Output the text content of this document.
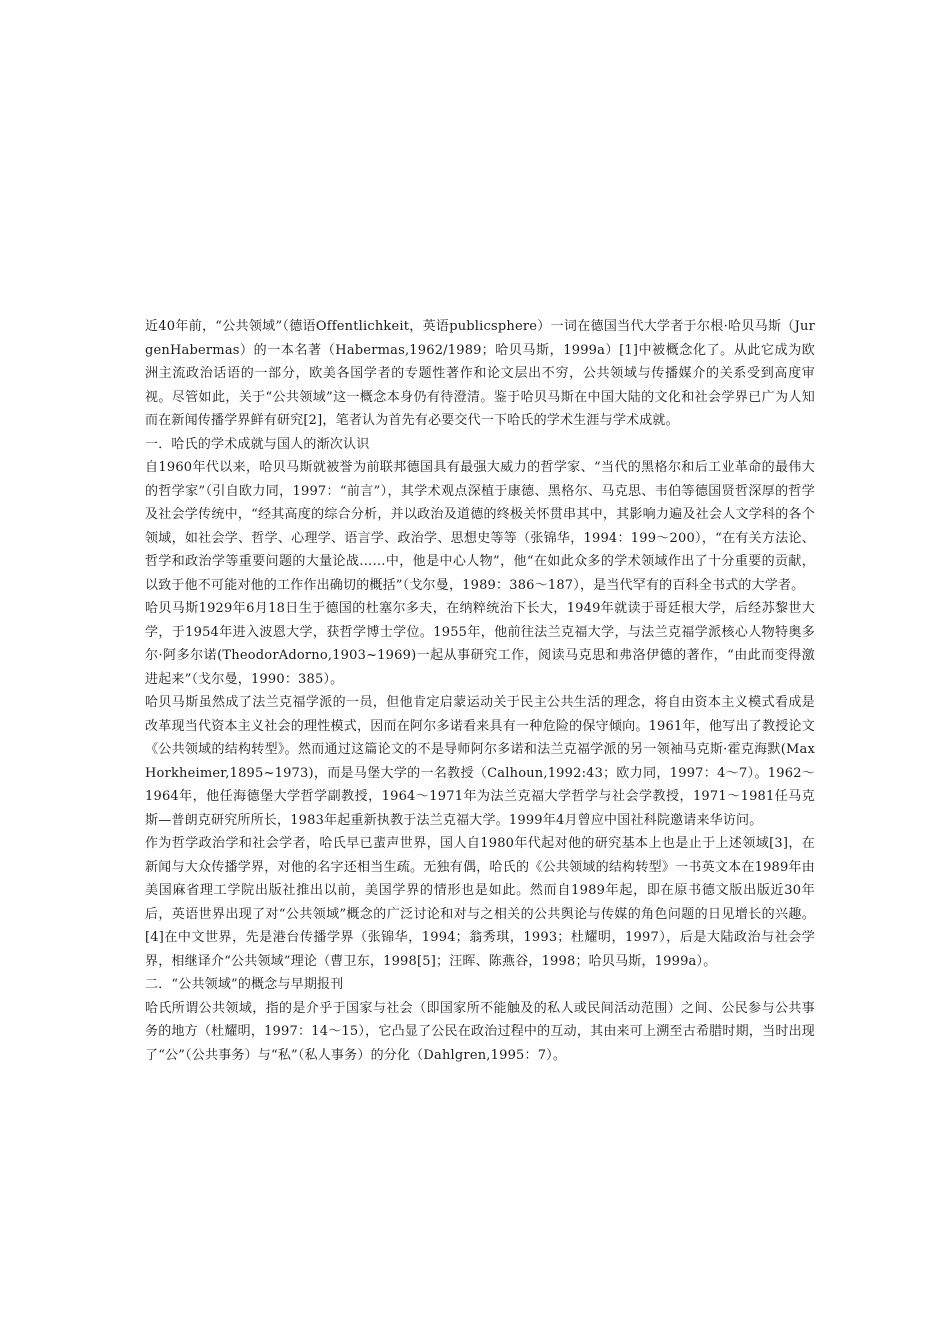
近40年前，“公共领域”（德语Offentlichkeit，英语publicsphere）一词在德国当代大学者于尔根·哈贝马斯（JurgenHabermas）的一本名著（Habermas,1962/1989；哈贝马斯，1999a）[1]中被概念化了。从此它成为欧洲主流政治话语的一部分，欧美各国学者的专题性著作和论文层出不穷，公共领域与传播媒介的关系受到高度审视。尽管如此，关于“公共领域”这一概念本身仍有待澄清。鉴于哈贝马斯在中国大陆的文化和社会学界已广为人知而在新闻传播学界鲜有研究[2]，笔者认为首先有必要交代一下哈氏的学术生涯与学术成就。

一．哈氏的学术成就与国人的渐次认识

自1960年代以来，哈贝马斯就被誉为前联邦德国具有最强大威力的哲学家、“当代的黑格尔和后工业革命的最伟大的哲学家”（引自欧力同，1997：“前言”），其学术观点深植于康德、黑格尔、马克思、韦伯等德国贤哲深厚的哲学及社会学传统中，“经其高度的综合分析，并以政治及道德的终极关怀贯串其中，其影响力遍及社会人文学科的各个领域，如社会学、哲学、心理学、语言学、政治学、思想史等等（张锦华，1994：199～200），“在有关方法论、哲学和政治学等重要问题的大量论战……中，他是中心人物”，他“在如此众多的学术领域作出了十分重要的贡献，以致于他不可能对他的工作作出确切的概括”（戈尔曼，1989：386～187），是当代罕有的百科全书式的大学者。

哈贝马斯1929年6月18日生于德国的杜塞尔多夫，在纳粹统治下长大，1949年就读于哥廷根大学，后经苏黎世大学，于1954年进入波恩大学，获哲学博士学位。1955年，他前往法兰克福大学，与法兰克福学派核心人物特奥多尔·阿多尔诺(TheodorAdorno,1903~1969)一起从事研究工作，阅读马克思和弗洛伊德的著作，“由此而变得激进起来”（戈尔曼，1990：385）。

哈贝马斯虽然成了法兰克福学派的一员，但他肯定启蒙运动关于民主公共生活的理念，将自由资本主义模式看成是改革现当代资本主义社会的理性模式，因而在阿尔多诺看来具有一种危险的保守倾向。1961年，他写出了教授论文《公共领域的结构转型》。然而通过这篇论文的不是导师阿尔多诺和法兰克福学派的另一领袖马克斯·霍克海默(MaxHorkheimer,1895~1973)，而是马堡大学的一名教授（Calhoun,1992:43；欧力同，1997：4～7）。1962～1964年，他任海德堡大学哲学副教授，1964～1971年为法兰克福大学哲学与社会学教授，1971～1981任马克斯—普朗克研究所所长，1983年起重新执教于法兰克福大学。1999年4月曾应中国社科院邀请来华访问。

作为哲学政治学和社会学者，哈氏早已蜚声世界，国人自1980年代起对他的研究基本上也是止于上述领域[3]，在新闻与大众传播学界，对他的名字还相当生疏。无独有偶，哈氏的《公共领域的结构转型》一书英文本在1989年由美国麻省理工学院出版社推出以前，美国学界的情形也是如此。然而自1989年起，即在原书德文版出版近30年后，英语世界出现了对“公共领域”概念的广泛讨论和对与之相关的公共舆论与传媒的角色问题的日见增长的兴趣。[4]在中文世界，先是港台传播学界（张锦华，1994；翁秀琪，1993；杜耀明，1997），后是大陆政治与社会学界，相继译介“公共领域”理论（曹卫东，1998[5]；汪晖、陈燕谷，1998；哈贝马斯，1999a）。

二．“公共领域”的概念与早期报刊

哈氏所谓公共领域，指的是介乎于国家与社会（即国家所不能触及的私人或民间活动范围）之间、公民参与公共事务的地方（杜耀明，1997：14～15），它凸显了公民在政治过程中的互动，其由来可上溯至古希腊时期，当时出现了“公”（公共事务）与“私”（私人事务）的分化（Dahlgren,1995：7）。
